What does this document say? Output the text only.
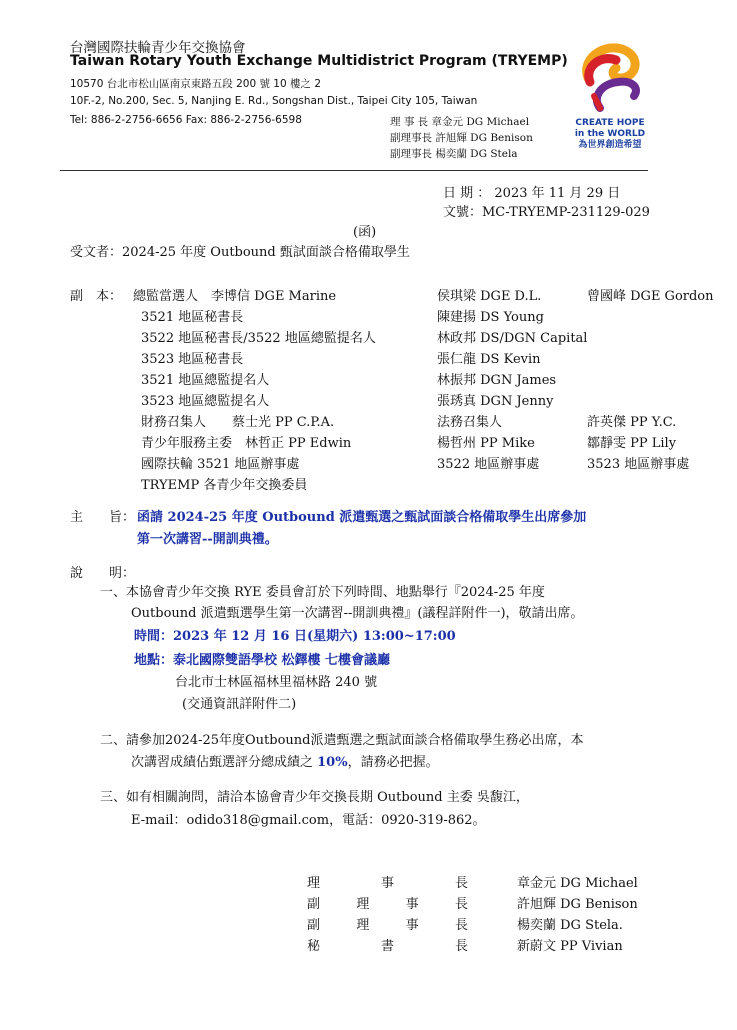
台灣國際扶輪青少年交換協會
Taiwan Rotary Youth Exchange Multidistrict Program (TRYEMP)
10570 台北市松山區南京東路五段 200 號 10 樓之 2
10F.-2, No.200, Sec. 5, Nanjing E. Rd., Songshan Dist., Taipei City 105, Taiwan
Tel: 886-2-2756-6656 Fax: 886-2-2756-6598	理 事 長 章金元 DG Michael
副理事長 許旭輝 DG Benison
副理事長 楊奕蘭 DG Stela
CREATE HOPE
in the WORLD
為世界創造希望
日 期 ： 2023 年 11 月 29 日
文號：MC-TRYEMP-231129-029
(函)
受文者：2024-25 年度 Outbound 甄試面談合格備取學生
副　本： 總監當選人　李博信 DGE Marine	侯琪梁 DGE D.L.	曾國峰 DGE Gordon
3521 地區秘書長	陳建揚 DS Young
3522 地區秘書長/3522 地區總監提名人	林政邦 DS/DGN Capital
3523 地區秘書長	張仁龍 DS Kevin
3521 地區總監提名人	林振邦 DGN James
3523 地區總監提名人	張琇真 DGN Jenny
財務召集人　　蔡士光 PP C.P.A.	法務召集人	許英傑 PP Y.C.
青少年服務主委　林哲正 PP Edwin	楊哲州 PP Mike	鄒靜雯 PP Lily
國際扶輪 3521 地區辦事處	3522 地區辦事處	3523 地區辦事處
TRYEMP 各青少年交換委員
主　　旨： 函請 2024-25 年度 Outbound 派遣甄選之甄試面談合格備取學生出席參加
第一次講習--開訓典禮。
說　　明：
一、本協會青少年交換 RYE 委員會訂於下列時間、地點舉行『2024-25 年度
Outbound 派遣甄選學生第一次講習--開訓典禮』(議程詳附件一)，敬請出席。
時間：2023 年 12 月 16 日(星期六) 13:00~17:00
地點：泰北國際雙語學校 松鐸樓 七樓會議廳
台北市士林區福林里福林路 240 號
(交通資訊詳附件二)
二、請參加2024-25年度Outbound派遣甄選之甄試面談合格備取學生務必出席，本
次講習成績佔甄選評分總成績之 10%，請務必把握。
三、如有相關詢問，請洽本協會青少年交換長期 Outbound 主委 吳馥江，
E-mail：odido318@gmail.com，電話：0920-319-862。
理	事	長	章金元 DG Michael
副	理	事	長	許旭輝 DG Benison
副	理	事	長	楊奕蘭 DG Stela.
秘	書	長	新蔚文 PP Vivian
